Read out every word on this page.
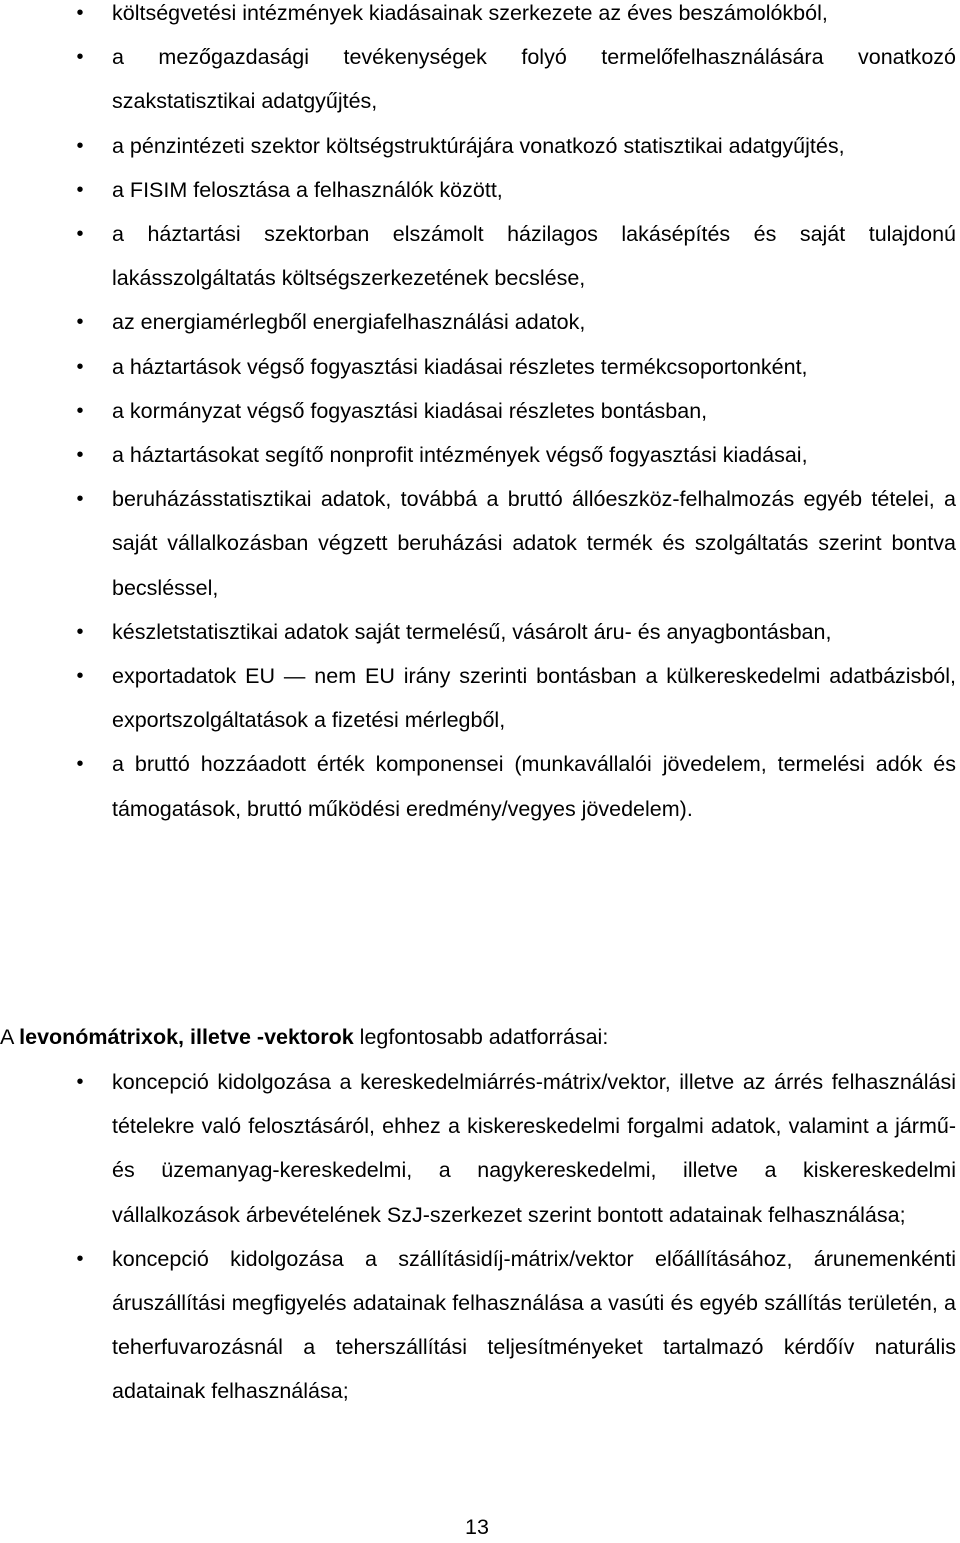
• költségvetési intézmények kiadásainak szerkezete az éves beszámolókból,
• a mezőgazdasági tevékenységek folyó termelőfelhasználására vonatkozó szakstatisztikai adatgyűjtés,
• a pénzintézeti szektor költségstruktúrájára vonatkozó statisztikai adatgyűjtés,
• a FISIM felosztása a felhasználók között,
• a háztartási szektorban elszámolt házilagos lakásépítés és saját tulajdonú lakásszolgáltatás költségszerkezetének becslése,
• az energiamérlegből energiafelhasználási adatok,
• a háztartások végső fogyasztási kiadásai részletes termékcsoportonként,
• a kormányzat végső fogyasztási kiadásai részletes bontásban,
• a háztartásokat segítő nonprofit intézmények végső fogyasztási kiadásai,
• beruházásstatisztikai adatok, továbbá a bruttó állóeszköz-felhalmozás egyéb tételei, a saját vállalkozásban végzett beruházási adatok termék és szolgáltatás szerint bontva becsléssel,
• készletstatisztikai adatok saját termelésű, vásárolt áru- és anyagbontásban,
• exportadatok EU — nem EU irány szerinti bontásban a külkereskedelmi adatbázisból, exportszolgáltatások a fizetési mérlegből,
• a bruttó hozzáadott érték komponensei (munkavállalói jövedelem, termelési adók és támogatások, bruttó működési eredmény/vegyes jövedelem).

A levonómátrixok, illetve -vektorok legfontosabb adatforrásai:

• koncepció kidolgozása a kereskedelmiárrés-mátrix/vektor, illetve az árrés felhasználási tételekre való felosztásáról, ehhez a kiskereskedelmi forgalmi adatok, valamint a jármű- és üzemanyag-kereskedelmi, a nagykereskedelmi, illetve a kiskereskedelmi vállalkozások árbevételének SzJ-szerkezet szerint bontott adatainak felhasználása;
• koncepció kidolgozása a szállításidíj-mátrix/vektor előállításához, árunemenkénti áruszállítási megfigyelés adatainak felhasználása a vasúti és egyéb szállítás területén, a teherfuvarozásnál a teherszállítási teljesítményeket tartalmazó kérdőív naturális adatainak felhasználása;
13
